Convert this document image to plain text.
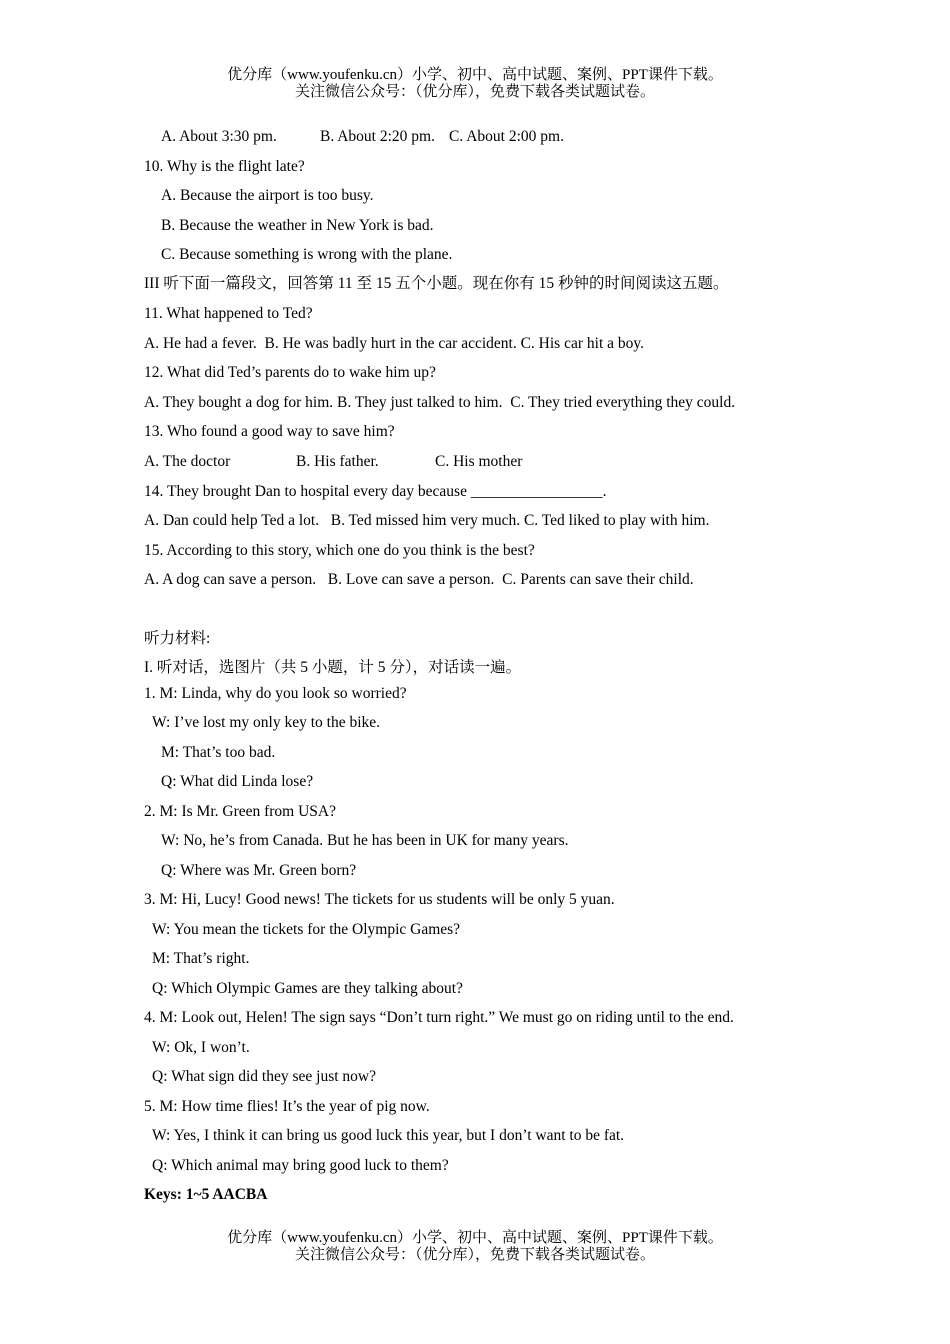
优分库（www.youfenku.cn）小学、初中、高中试题、案例、PPT课件下载。
关注微信公众号：（优分库），免费下载各类试题试卷。
A. About 3:30 pm.	B. About 2:20 pm. C. About 2:00 pm.
10. Why is the flight late?
A. Because the airport is too busy.
B. Because the weather in New York is bad.
C. Because something is wrong with the plane.
III 听下面一篇段文，回答第 11 至 15 五个小题。现在你有 15 秒钟的时间阅读这五题。
11. What happened to Ted?
A. He had a fever.  B. He was badly hurt in the car accident. C. His car hit a boy.
12. What did Ted’s parents do to wake him up?
A. They bought a dog for him. B. They just talked to him.  C. They tried everything they could.
13. Who found a good way to save him?
A. The doctor	B. His father.	C. His mother
14. They brought Dan to hospital every day because _________________.
A. Dan could help Ted a lot.   B. Ted missed him very much. C. Ted liked to play with him.
15. According to this story, which one do you think is the best?
A. A dog can save a person.   B. Love can save a person.  C. Parents can save their child.
听力材料:
I. 听对话，选图片（共 5 小题，计 5 分），对话读一遍。
1. M: Linda, why do you look so worried?
W: I’ve lost my only key to the bike.
M: That’s too bad.
Q: What did Linda lose?
2. M: Is Mr. Green from USA?
W: No, he’s from Canada. But he has been in UK for many years.
Q: Where was Mr. Green born?
3. M: Hi, Lucy! Good news! The tickets for us students will be only 5 yuan.
W: You mean the tickets for the Olympic Games?
M: That’s right.
Q: Which Olympic Games are they talking about?
4. M: Look out, Helen! The sign says “Don’t turn right.” We must go on riding until to the end.
W: Ok, I won’t.
Q: What sign did they see just now?
5. M: How time flies! It’s the year of pig now.
W: Yes, I think it can bring us good luck this year, but I don’t want to be fat.
Q: Which animal may bring good luck to them?
Keys: 1~5 AACBA
优分库（www.youfenku.cn）小学、初中、高中试题、案例、PPT课件下载。
关注微信公众号：（优分库），免费下载各类试题试卷。
